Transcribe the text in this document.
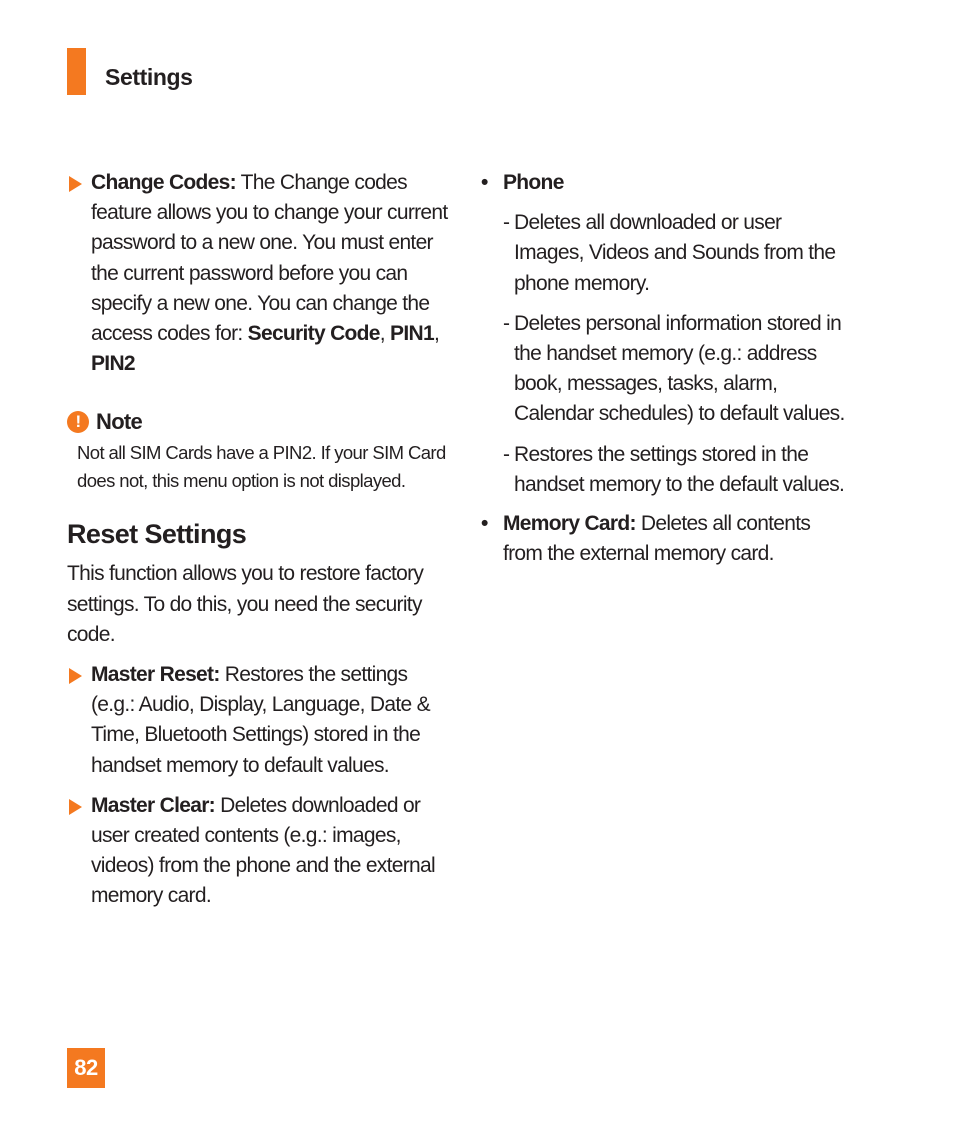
Settings
Change Codes: The Change codes feature allows you to change your current password to a new one. You must enter the current password before you can specify a new one. You can change the access codes for: Security Code, PIN1, PIN2
! Note
Not all SIM Cards have a PIN2. If your SIM Card does not, this menu option is not displayed.
Reset Settings
This function allows you to restore factory settings. To do this, you need the security code.
Master Reset: Restores the settings (e.g.: Audio, Display, Language, Date & Time, Bluetooth Settings) stored in the handset memory to default values.
Master Clear: Deletes downloaded or user created contents (e.g.: images, videos) from the phone and the external memory card.
• Phone
- Deletes all downloaded or user Images, Videos and Sounds from the phone memory.
- Deletes personal information stored in the handset memory (e.g.: address book, messages, tasks, alarm, Calendar schedules) to default values.
- Restores the settings stored in the handset memory to the default values.
• Memory Card: Deletes all contents from the external memory card.
82
